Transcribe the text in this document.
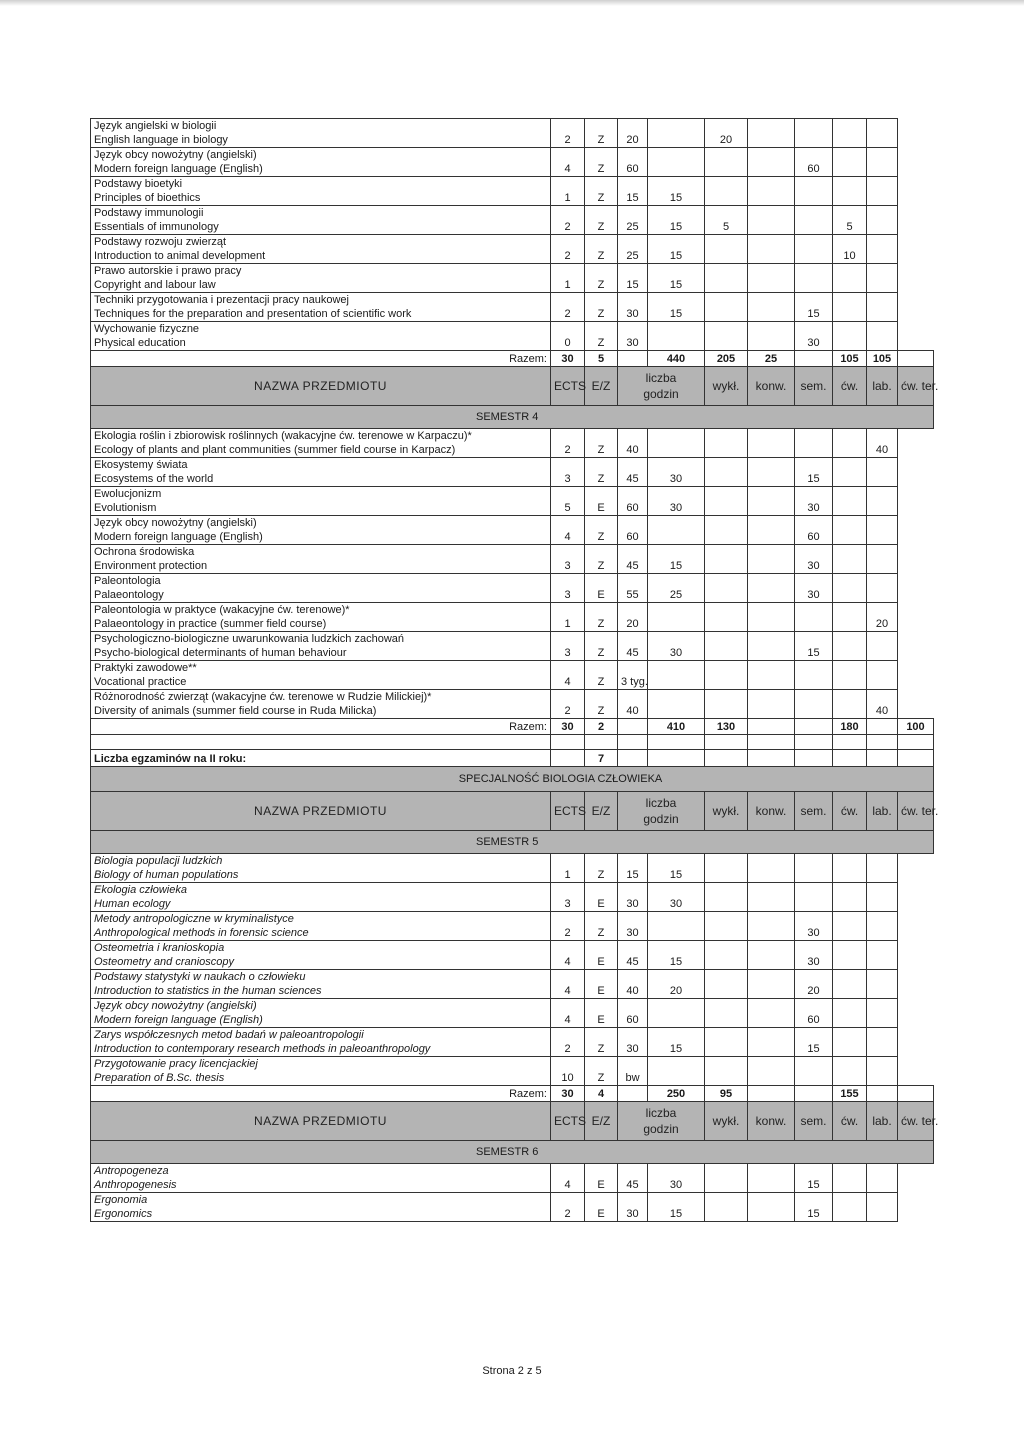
Język angielski w biologii										
English language in biology	2	Z	20		20					
Język obcy nowożytny (angielski)										
Modern foreign language (English)	4	Z	60				60			
Podstawy bioetyki										
Principles of bioethics	1	Z	15	15						
Podstawy immunologii										
Essentials of immunology	2	Z	25	15	5			5		
Podstawy rozwoju zwierząt										
Introduction to animal development	2	Z	25	15				10		
Prawo autorskie i prawo pracy										
Copyright and labour law	1	Z	15	15						
Techniki przygotowania i prezentacji pracy naukowej										
Techniques for the preparation and presentation of scientific work	2	Z	30	15			15			
Wychowanie fizyczne										
Physical education	0	Z	30				30			
Razem:	30	5		440	205	25		105	105	
NAZWA PRZEDMIOTU	ECTS	E/Z	liczba godzin		wykł.	konw.	sem.	ćw.	lab.	ćw. ter.
SEMESTR 4										
Ekologia roślin i zbiorowisk roślinnych (wakacyjne ćw. terenowe w Karpaczu)*										
Ecology of plants and plant communities (summer field course in Karpacz)	2	Z	40						40	
Ekosystemy świata										
Ecosystems of the world	3	Z	45	30			15			
Ewolucjonizm										
Evolutionism	5	E	60	30			30			
Język obcy nowożytny (angielski)										
Modern foreign language (English)	4	Z	60				60			
Ochrona środowiska										
Environment protection	3	Z	45	15			30			
Paleontologia										
Palaeontology	3	E	55	25			30			
Paleontologia w praktyce (wakacyjne ćw. terenowe)*										
Palaeontology in practice (summer field course)	1	Z	20						20	
Psychologiczno-biologiczne uwarunkowania ludzkich zachowań										
Psycho-biological determinants of human behaviour	3	Z	45	30			15			
Praktyki zawodowe**										
Vocational practice	4	Z	3 tyg.							
Różnorodność zwierząt (wakacyjne ćw. terenowe w Rudzie Milickiej)*										
Diversity of animals (summer field course in Ruda Milicka)	2	Z	40						40	
Razem:	30	2		410	130			180		100

Liczba egzaminów na II roku:		7								
SPECJALNOŚĆ BIOLOGIA CZŁOWIEKA										
NAZWA PRZEDMIOTU	ECTS	E/Z	liczba godzin		wykł.	konw.	sem.	ćw.	lab.	ćw. ter.
SEMESTR 5										
Biologia populacji ludzkich										
Biology of human populations	1	Z	15	15						
Ekologia człowieka										
Human ecology	3	E	30	30						
Metody antropologiczne w kryminalistyce										
Anthropological methods in forensic science	2	Z	30				30			
Osteometria i kranioskopia										
Osteometry and cranioscopy	4	E	45	15			30			
Podstawy statystyki w naukach o człowieku										
Introduction to statistics in the human sciences	4	E	40	20			20			
Język obcy nowożytny (angielski)										
Modern foreign language (English)	4	E	60				60			
Zarys współczesnych metod badań w paleoantropologii										
Introduction to contemporary research methods in paleoanthropology	2	Z	30	15			15			
Przygotowanie pracy licencjackiej										
Preparation of B.Sc. thesis	10	Z	bw							
Razem:	30	4		250	95			155		
NAZWA PRZEDMIOTU	ECTS	E/Z	liczba godzin		wykł.	konw.	sem.	ćw.	lab.	ćw. ter.
SEMESTR 6										
Antropogeneza										
Anthropogenesis	4	E	45	30			15			
Ergonomia										
Ergonomics	2	E	30	15			15			
Strona 2 z 5
